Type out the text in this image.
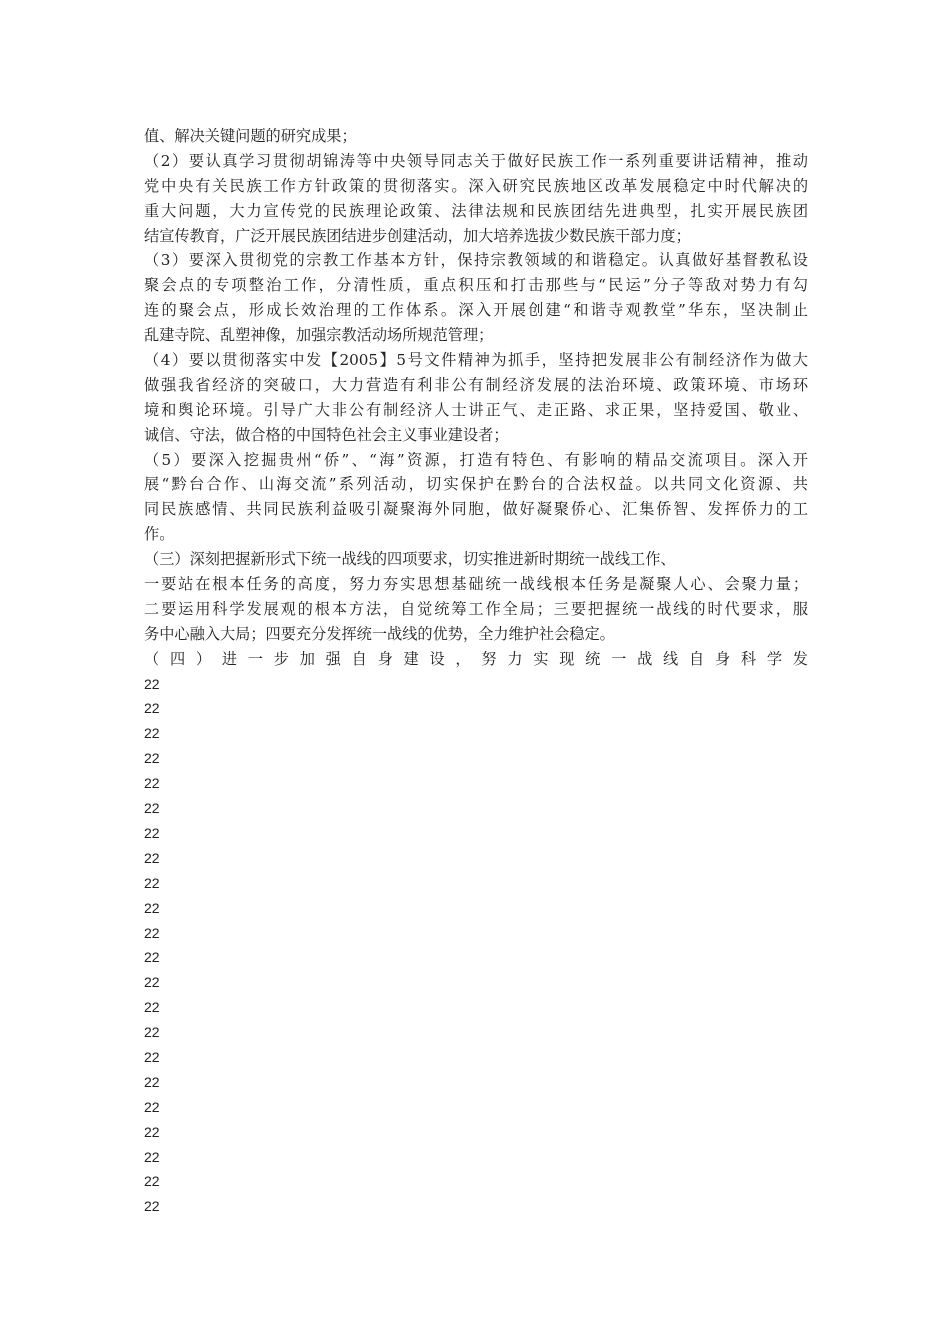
值、解决关键问题的研究成果；
（2）要认真学习贯彻胡锦涛等中央领导同志关于做好民族工作一系列重要讲话精神，推动
党中央有关民族工作方针政策的贯彻落实。深入研究民族地区改革发展稳定中时代解决的
重大问题，大力宣传党的民族理论政策、法律法规和民族团结先进典型，扎实开展民族团
结宣传教育，广泛开展民族团结进步创建活动，加大培养选拔少数民族干部力度；
（3）要深入贯彻党的宗教工作基本方针，保持宗教领域的和谐稳定。认真做好基督教私设
聚会点的专项整治工作，分清性质，重点积压和打击那些与“民运”分子等敌对势力有勾
连的聚会点，形成长效治理的工作体系。深入开展创建“和谐寺观教堂”华东，坚决制止
乱建寺院、乱塑神像，加强宗教活动场所规范管理；
（4）要以贯彻落实中发【2005】5号文件精神为抓手，坚持把发展非公有制经济作为做大
做强我省经济的突破口，大力营造有利非公有制经济发展的法治环境、政策环境、市场环
境和舆论环境。引导广大非公有制经济人士讲正气、走正路、求正果，坚持爱国、敬业、
诚信、守法，做合格的中国特色社会主义事业建设者；
（5）要深入挖掘贵州“侨”、“海”资源，打造有特色、有影响的精品交流项目。深入开
展“黔台合作、山海交流”系列活动，切实保护在黔台的合法权益。以共同文化资源、共
同民族感情、共同民族利益吸引凝聚海外同胞，做好凝聚侨心、汇集侨智、发挥侨力的工
作。
（三）深刻把握新形式下统一战线的四项要求，切实推进新时期统一战线工作、
一要站在根本任务的高度，努力夯实思想基础统一战线根本任务是凝聚人心、会聚力量；
二要运用科学发展观的根本方法，自觉统筹工作全局；三要把握统一战线的时代要求，服
务中心融入大局；四要充分发挥统一战线的优势，全力维护社会稳定。
（ 四 ） 进 一 步 加 强 自 身 建 设 ， 努 力 实 现 统 一 战 线 自 身 科 学 发
22
22
22
22
22
22
22
22
22
22
22
22
22
22
22
22
22
22
22
22
22
22
